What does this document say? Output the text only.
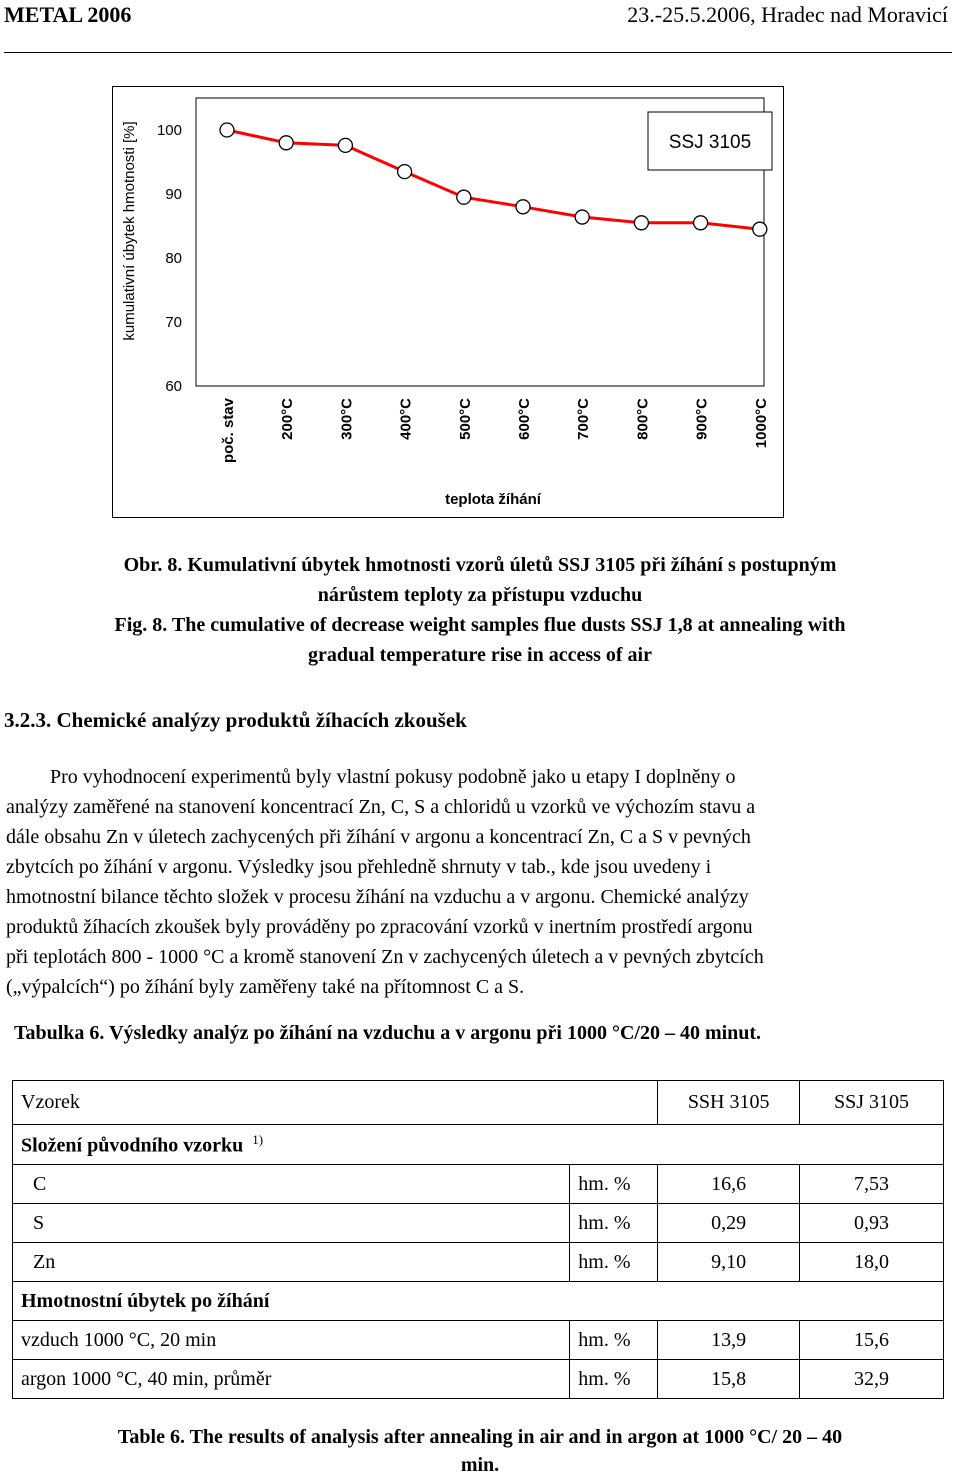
METAL 2006	23.-25.5.2006, Hradec nad Moravicí
kumulativní úbytek hmotnosti [%]
teplota žíhání
SSJ 3105
60
70
80
90
100
poč. stav	200°C	300°C	400°C	500°C	600°C	700°C	800°C	900°C	1000°C
Obr. 8. Kumulativní úbytek hmotnosti vzorů úletů SSJ 3105 při žíhání s postupným
nárůstem teploty za přístupu vzduchu
Fig. 8. The cumulative of decrease weight samples flue dusts SSJ 1,8 at annealing with
gradual temperature rise in access of air
3.2.3. Chemické analýzy produktů žíhacích zkoušek
Pro vyhodnocení experimentů byly vlastní pokusy podobně jako u etapy I doplněny o
analýzy zaměřené na stanovení koncentrací Zn, C, S a chloridů u vzorků ve výchozím stavu a
dále obsahu Zn v úletech zachycených při žíhání v argonu a koncentrací Zn, C a S v pevných
zbytcích po žíhání v argonu. Výsledky jsou přehledně shrnuty v tab., kde jsou uvedeny i
hmotnostní bilance těchto složek v procesu žíhání na vzduchu a v argonu. Chemické analýzy
produktů žíhacích zkoušek byly prováděny po zpracování vzorků v inertním prostředí argonu
při teplotách 800 - 1000 °C a kromě stanovení Zn v zachycených úletech a v pevných zbytcích
(„výpalcích“) po žíhání byly zaměřeny také na přítomnost C a S.
Tabulka 6. Výsledky analýz po žíhání na vzduchu a v argonu při 1000 °C/20 – 40 minut.
Vzorek		SSH 3105	SSJ 3105
Složení původního vzorku $^{1)}$
C	hm. %	16,6	7,53
S	hm. %	0,29	0,93
Zn	hm. %	9,10	18,0
Hmotnostní úbytek po žíhání			
vzduch 1000 °C, 20 min	hm. %	13,9	15,6
argon 1000 °C, 40 min, průměr	hm. %	15,8	32,9
Table 6. The results of analysis after annealing in air and in argon at 1000 °C/ 20 – 40
min.
